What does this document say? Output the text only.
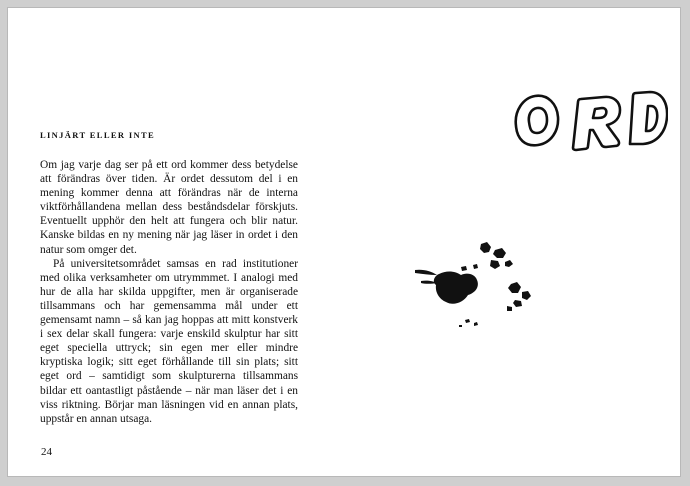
LINJÄRT ELLER INTE

Om jag varje dag ser på ett ord kommer dess betydelse att förändras över tiden. Är ordet dessutom del i en mening kommer denna att förändras när de interna viktförhållandena mellan dess beståndsdelar förskjuts. Eventuellt upphör den helt att fungera och blir natur. Kanske bildas en ny mening när jag läser in ordet i den natur som omger det.

På universitetsområdet samsas en rad institutioner med olika verksamheter om utrymmmet. I analogi med hur de alla har skilda uppgifter, men är organiserade tillsammans och har gemensamma mål under ett gemensamt namn – så kan jag hoppas att mitt konstverk i sex delar skall fungera: varje enskild skulptur har sitt eget speciella uttryck; sin egen mer eller mindre kryptiska logik; sitt eget förhållande till sin plats; sitt eget ord – samtidigt som skulpturerna tillsammans bildar ett oantastligt påstående – när man läser det i en viss riktning. Börjar man läsningen vid en annan plats, uppstår en annan utsaga.

24
